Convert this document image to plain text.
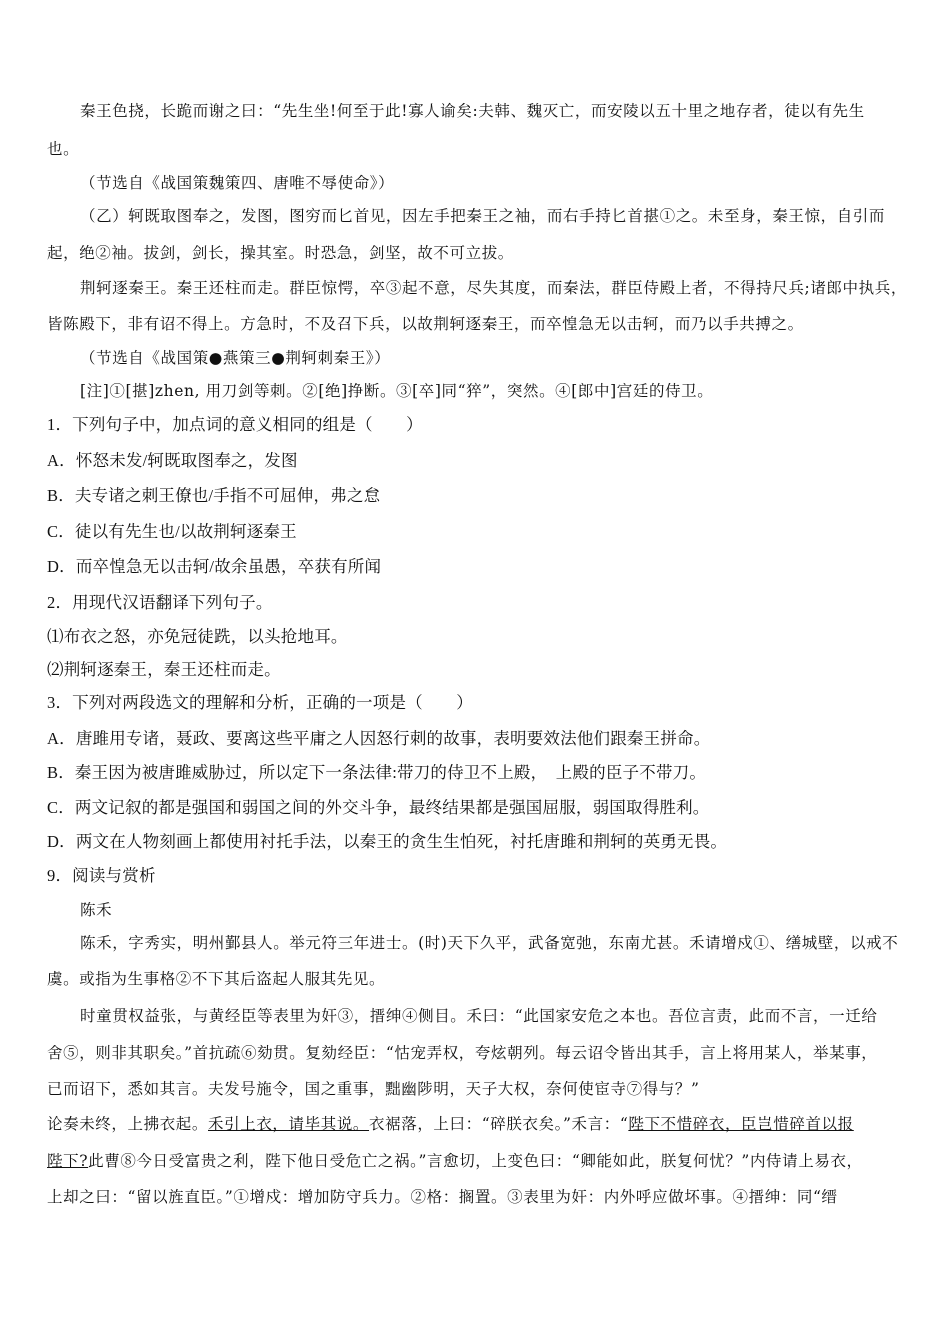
秦王色挠，长跪而谢之曰：“先生坐!何至于此!寡人谕矣:夫韩、魏灭亡，而安陵以五十里之地存者，徒以有先生
也。
（节选自《战国策魏策四、唐唯不辱使命》）
（乙）轲既取图奉之，发图，图穷而匕首见，因左手把秦王之袖，而右手持匕首揕①之。未至身，秦王惊，自引而
起，绝②袖。拔剑，剑长，操其室。时恐急，剑坚，故不可立拔。
荆轲逐秦王。秦王还柱而走。群臣惊愕，卒③起不意，尽失其度，而秦法，群臣侍殿上者，不得持尺兵;诸郎中执兵，
皆陈殿下，非有诏不得上。方急时，不及召下兵，以故荆轲逐秦王，而卒惶急无以击轲，而乃以手共搏之。
（节选自《战国策●燕策三●荆轲刺秦王》）
[注]①[揕]zhen, 用刀剑等刺。②[绝]挣断。③[卒]同“猝”，突然。④[郎中]宫廷的侍卫。
1．下列句子中，加点词的意义相同的组是（　　）
A．怀怒未发/轲既取图奉之，发图
B．夫专诸之刺王僚也/手指不可屈伸，弗之怠
C．徒以有先生也/以故荆轲逐秦王
D．而卒惶急无以击轲/故余虽愚，卒获有所闻
2．用现代汉语翻译下列句子。
⑴布衣之怒，亦免冠徒跣，以头抢地耳。
⑵荆轲逐秦王，秦王还柱而走。
3．下列对两段选文的理解和分析，正确的一项是（　　）
A．唐雎用专诸，聂政、要离这些平庸之人因怒行刺的故事，表明要效法他们跟秦王拼命。
B．秦王因为被唐雎威胁过，所以定下一条法律:带刀的侍卫不上殿，　上殿的臣子不带刀。
C．两文记叙的都是强国和弱国之间的外交斗争，最终结果都是强国屈服，弱国取得胜利。
D．两文在人物刻画上都使用衬托手法，以秦王的贪生生怕死，衬托唐雎和荆轲的英勇无畏。
9．阅读与赏析
陈禾
陈禾，字秀实，明州鄞县人。举元符三年进士。(时)天下久平，武备宽弛，东南尤甚。禾请增戍①、缮城壁，以戒不
虞。或指为生事格②不下其后盗起人服其先见。
时童贯权益张，与黄经臣等表里为奸③，搢绅④侧目。禾曰：“此国家安危之本也。吾位言责，此而不言，一迁给
舍⑤，则非其职矣。”首抗疏⑥劾贯。复劾经臣：“怙宠弄权，夸炫朝列。每云诏令皆出其手，言上将用某人，举某事，
已而诏下，悉如其言。夫发号施令，国之重事，黜幽陟明，天子大权，奈何使宦寺⑦得与？”
论奏未终，上拂衣起。禾引上衣，请毕其说。衣裾落，上曰：“碎朕衣矣。”禾言：“陛下不惜碎衣，臣岂惜碎首以报
陛下?此曹⑧今日受富贵之利，陛下他日受危亡之祸。”言愈切，上变色曰：“卿能如此，朕复何忧？”内侍请上易衣，
上却之曰：“留以旌直臣。”①增戍：增加防守兵力。②格：搁置。③表里为奸：内外呼应做坏事。④搢绅：同“缙
